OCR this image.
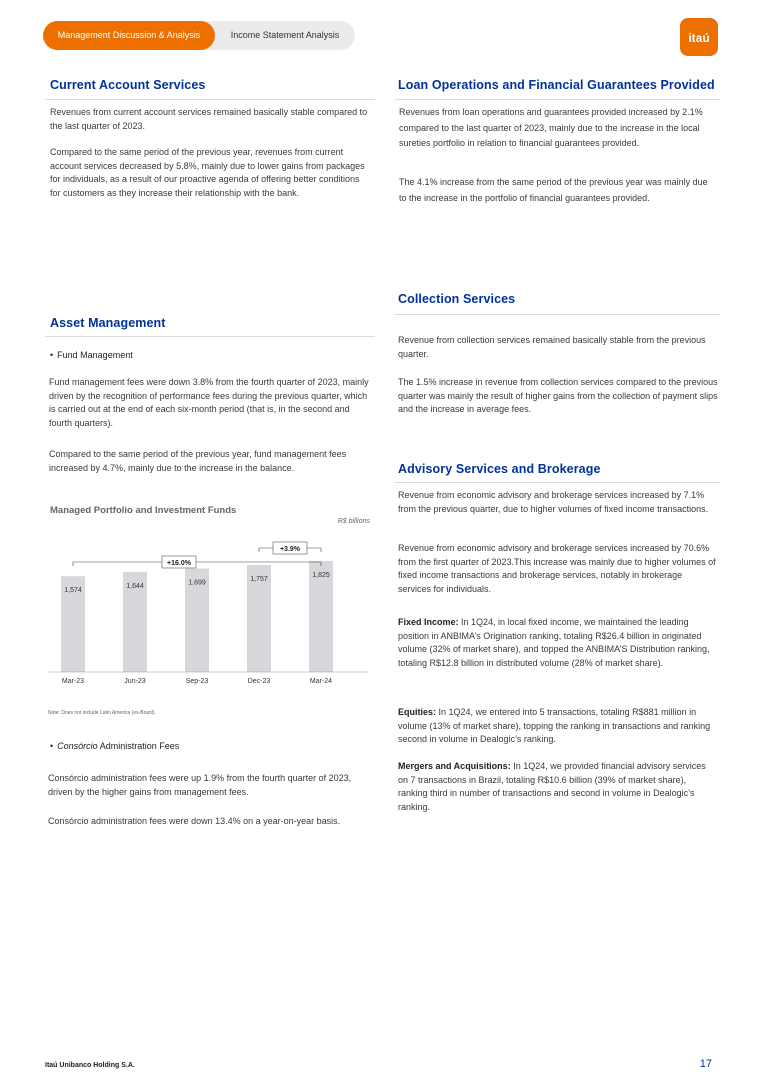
Management Discussion & Analysis	Income Statement Analysis	itaú
Current Account Services
Revenues from current account services remained basically stable compared to the last quarter of 2023.
Compared to the same period of the previous year, revenues from current account services decreased by 5.8%, mainly due to lower gains from packages for individuals, as a result of our proactive agenda of offering better conditions for customers as they increase their relationship with the bank.
Loan Operations and Financial Guarantees Provided
Revenues from loan operations and guarantees provided increased by 2.1% compared to the last quarter of 2023, mainly due to the increase in the local sureties portfolio in relation to financial guarantees provided.
The 4.1% increase from the same period of the previous year was mainly due to the increase in the portfolio of financial guarantees provided.
Collection Services
Revenue from collection services remained basically stable from the previous quarter.
The 1.5% increase in revenue from collection services compared to the previous quarter was mainly the result of higher gains from the collection of payment slips and the increase in average fees.
Asset Management
• Fund Management
Fund management fees were down 3.8% from the fourth quarter of 2023, mainly driven by the recognition of performance fees during the previous quarter, which is carried out at the end of each six-month period (that is, in the second and fourth quarters).
Compared to the same period of the previous year, fund management fees increased by 4.7%, mainly due to the increase in the balance.
Managed Portfolio and Investment Funds
R$ billions
1,574
Mar-23
1,644
Jun-23
1,699
Sep-23
1,757
Dec-23
1,825
Mar-24
+16.0%
+3.9%
Note: Does not include Latin America (ex-Brazil).
• Consórcio Administration Fees
Consórcio administration fees were up 1.9% from the fourth quarter of 2023, driven by the higher gains from management fees.
Consórcio administration fees were down 13.4% on a year-on-year basis.
Advisory Services and Brokerage
Revenue from economic advisory and brokerage services increased by 7.1% from the previous quarter, due to higher volumes of fixed income transactions.
Revenue from economic advisory and brokerage services increased by 70.6% from the first quarter of 2023.This increase was mainly due to higher volumes of fixed income transactions and brokerage services, notably in brokerage services for individuals.
Fixed Income: In 1Q24, in local fixed income, we maintained the leading position in ANBIMA’s Origination ranking, totaling R$26.4 billion in originated volume (32% of market share), and topped the ANBIMA’S Distribution ranking, totaling R$12.8 billion in distributed volume (28% of market share).
Equities: In 1Q24, we entered into 5 transactions, totaling R$881 million in volume (13% of market share), topping the ranking in transactions and ranking second in volume in Dealogic’s ranking.
Mergers and Acquisitions: In 1Q24, we provided financial advisory services on 7 transactions in Brazil, totaling R$10.6 billion (39% of market share), ranking third in number of transactions and second in volume in Dealogic’s ranking.
Itaú Unibanco Holding S.A.	17
